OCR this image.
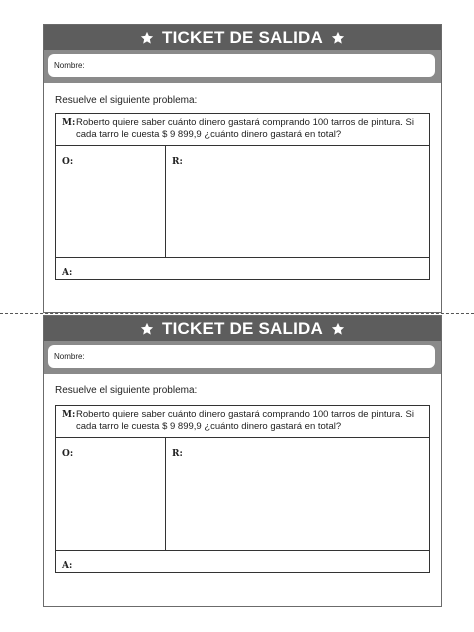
TICKET DE SALIDA
Nombre:
Resuelve el siguiente problema:
M: Roberto quiere saber cuánto dinero gastará comprando 100 tarros de pintura. Si cada tarro le cuesta $ 9 899,9 ¿cuánto dinero gastará en total?
O:	R:
A:
TICKET DE SALIDA
Nombre:
Resuelve el siguiente problema:
M: Roberto quiere saber cuánto dinero gastará comprando 100 tarros de pintura. Si cada tarro le cuesta $ 9 899,9 ¿cuánto dinero gastará en total?
O:	R:
A:
